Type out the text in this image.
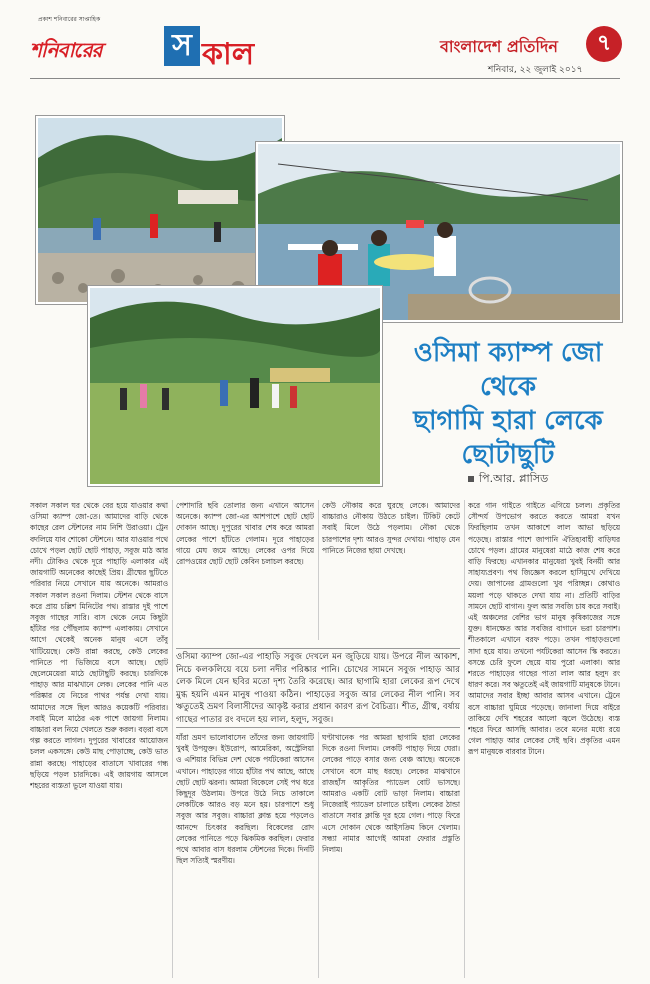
প্রকাশ শনিবারের সাপ্তাহিক
শনিবারের স কাল	বাংলাদেশ প্রতিদিন	৭
শনিবার, ২২ জুলাই ২০১৭
ওসিমা ক্যাম্প জো থেকে
ছাগামি হারা লেকে
ছোটাছুটি
পি.আর. প্লাসিড
সকাল সকাল ঘর থেকে বের হয়ে যাওয়ার কথা ওসিমা ক্যাম্প জো-তে। আমাদের বাড়ি থেকে কাছের রেল স্টেশনের নাম নিশি উরাওয়া। ট্রেন বদলিয়ে যাব শোকো স্টেশনে। আর যাওয়ার পথে চোখে পড়ল ছোট ছোট পাহাড়, সবুজ মাঠ আর নদী। টোকিও থেকে দূরে পাহাড়ি এলাকার এই জায়গাটি অনেকের কাছেই প্রিয়। গ্রীষ্মের ছুটিতে পরিবার নিয়ে সেখানে যায় অনেকে। আমরাও সকাল সকাল রওনা দিলাম। স্টেশন থেকে বাসে করে প্রায় চল্লিশ মিনিটের পথ। রাস্তার দুই পাশে সবুজ গাছের সারি। বাস থেকে নেমে কিছুটা হাঁটার পর পৌঁছলাম ক্যাম্প এলাকায়। সেখানে আগে থেকেই অনেক মানুষ এসে তাঁবু খাটিয়েছে। কেউ রান্না করছে, কেউ লেকের পানিতে পা ভিজিয়ে বসে আছে। ছোট ছেলেমেয়েরা মাঠে ছোটাছুটি করছে। চারদিকে পাহাড় আর মাঝখানে লেক। লেকের পানি এত পরিষ্কার যে নিচের পাথর পর্যন্ত দেখা যায়। আমাদের সঙ্গে ছিল আরও কয়েকটি পরিবার। সবাই মিলে মাঠের এক পাশে জায়গা নিলাম। বাচ্চারা বল নিয়ে খেলতে শুরু করল। বড়রা বসে গল্প করতে লাগল। দুপুরের খাবারের আয়োজন চলল একসঙ্গে। কেউ মাছ পোড়াচ্ছে, কেউ ভাত রান্না করছে। পাহাড়ের বাতাসে খাবারের গন্ধ ছড়িয়ে পড়ল চারদিকে। এই জায়গায় আসলে শহরের ব্যস্ততা ভুলে যাওয়া যায়।
পেশাদারি ছবি তোলার জন্য এখানে আসেন অনেকে। ক্যাম্প জো-এর আশপাশে ছোট ছোট দোকান আছে। দুপুরের খাবার শেষ করে আমরা লেকের পাশে হাঁটতে গেলাম। দূরে পাহাড়ের গায়ে মেঘ জমে আছে। লেকের ওপর দিয়ে রোপওয়ের ছোট ছোট কেবিন চলাচল করছে।
কেউ নৌকায় করে ঘুরছে লেকে। আমাদের বাচ্চারাও নৌকায় উঠতে চাইল। টিকিট কেটে সবাই মিলে উঠে পড়লাম। নৌকা থেকে চারপাশের দৃশ্য আরও সুন্দর দেখায়। পাহাড় যেন পানিতে নিজের ছায়া দেখছে।
ওসিমা ক্যাম্প জো-এর পাহাড়ি সবুজ দেখলে মন জুড়িয়ে যায়। উপরে নীল আকাশ, নিচে কলকলিয়ে বয়ে চলা নদীর পরিষ্কার পানি। চোখের সামনে সবুজ পাহাড় আর লেক মিলে যেন ছবির মতো দৃশ্য তৈরি করেছে। আর ছাগামি হারা লেকের রূপ দেখে মুগ্ধ হয়নি এমন মানুষ পাওয়া কঠিন। পাহাড়ের সবুজ আর লেকের নীল পানি। সব ঋতুতেই ভ্রমণ বিলাসীদের আকৃষ্ট করার প্রধান কারণ রূপ বৈচিত্র্য। শীত, গ্রীষ্ম, বর্ষায় গাছের পাতার রং বদলে হয় লাল, হলুদ, সবুজ।
যাঁরা ভ্রমণ ভালোবাসেন তাঁদের জন্য জায়গাটি খুবই উপযুক্ত। ইউরোপ, আমেরিকা, অস্ট্রেলিয়া ও এশিয়ার বিভিন্ন দেশ থেকে পর্যটকেরা আসেন এখানে। পাহাড়ের গায়ে হাঁটার পথ আছে, আছে ছোট ছোট ঝরনা। আমরা বিকেলে সেই পথ ধরে কিছুদূর উঠলাম। উপরে উঠে নিচে তাকালে লেকটিকে আরও বড় মনে হয়। চারপাশে শুধু সবুজ আর সবুজ। বাচ্চারা ক্লান্ত হয়ে পড়লেও আনন্দে চিৎকার করছিল। বিকেলের রোদ লেকের পানিতে পড়ে ঝিকমিক করছিল। ফেরার পথে আবার বাস ধরলাম স্টেশনের দিকে। দিনটি ছিল সত্যিই স্মরণীয়।
ঘণ্টাখানেক পর আমরা ছাগামি হারা লেকের দিকে রওনা দিলাম। লেকটি পাহাড় দিয়ে ঘেরা। লেকের পাড়ে বসার জন্য বেঞ্চ আছে। অনেকে সেখানে বসে মাছ ধরছে। লেকের মাঝখানে রাজহাঁস আকৃতির প্যাডেল বোট ভাসছে। আমরাও একটি বোট ভাড়া নিলাম। বাচ্চারা নিজেরাই প্যাডেল চালাতে চাইল। লেকের ঠান্ডা বাতাসে সবার ক্লান্তি দূর হয়ে গেল। পাড়ে ফিরে এসে দোকান থেকে আইসক্রিম কিনে খেলাম। সন্ধ্যা নামার আগেই আমরা ফেরার প্রস্তুতি নিলাম।
করে গান গাইতে গাইতে এগিয়ে চলল। প্রকৃতির সৌন্দর্য উপভোগ করতে করতে আমরা যখন ফিরছিলাম তখন আকাশে লাল আভা ছড়িয়ে পড়েছে। রাস্তার পাশে জাপানি ঐতিহ্যবাহী বাড়িঘর চোখে পড়ল। গ্রামের মানুষেরা মাঠে কাজ শেষ করে বাড়ি ফিরছে। এখানকার মানুষেরা খুবই বিনয়ী আর সাহায্যপ্রবণ। পথ জিজ্ঞেস করলে হাসিমুখে দেখিয়ে দেয়। জাপানের গ্রামগুলো খুব পরিচ্ছন্ন। কোথাও ময়লা পড়ে থাকতে দেখা যায় না। প্রতিটি বাড়ির সামনে ছোট বাগান। ফুল আর সবজি চাষ করে সবাই। এই অঞ্চলের বেশির ভাগ মানুষ কৃষিকাজের সঙ্গে যুক্ত। ধানক্ষেত আর সবজির বাগানে ভরা চারপাশ। শীতকালে এখানে বরফ পড়ে। তখন পাহাড়গুলো সাদা হয়ে যায়। তখনো পর্যটকেরা আসেন স্কি করতে। বসন্তে চেরি ফুলে ছেয়ে যায় পুরো এলাকা। আর শরতে পাহাড়ের গাছের পাতা লাল আর হলুদ রং ধারণ করে। সব ঋতুতেই এই জায়গাটি মানুষকে টানে। আমাদের সবার ইচ্ছা আবার আসব এখানে। ট্রেনে বসে বাচ্চারা ঘুমিয়ে পড়েছে। জানালা দিয়ে বাইরে তাকিয়ে দেখি শহরের আলো জ্বলে উঠেছে। ব্যস্ত শহরে ফিরে আসছি আবার। তবে মনের মধ্যে রয়ে গেল পাহাড় আর লেকের সেই ছবি। প্রকৃতির এমন রূপ মানুষকে বারবার টানে।
